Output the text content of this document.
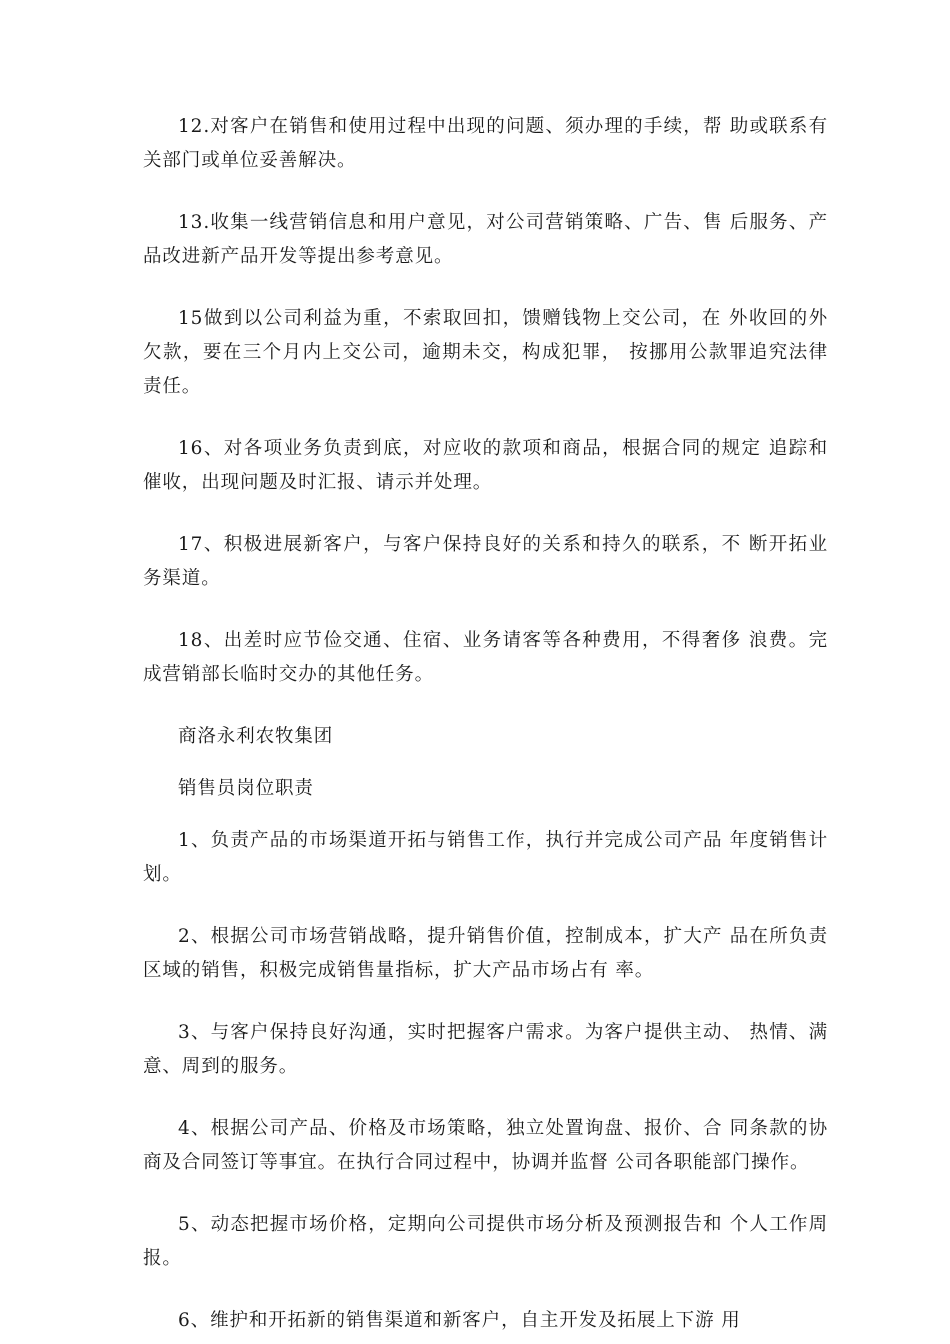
12.对客户在销售和使用过程中出现的问题、须办理的手续，帮 助或联系有关部门或单位妥善解决。

13.收集一线营销信息和用户意见，对公司营销策略、广告、售 后服务、产品改进新产品开发等提出参考意见。

15做到以公司利益为重，不索取回扣，馈赠钱物上交公司，在 外收回的外欠款，要在三个月内上交公司，逾期未交，构成犯罪， 按挪用公款罪追究法律责任。

16、对各项业务负责到底，对应收的款项和商品，根据合同的规定 追踪和催收，出现问题及时汇报、请示并处理。

17、积极进展新客户，与客户保持良好的关系和持久的联系，不 断开拓业务渠道。

18、出差时应节俭交通、住宿、业务请客等各种费用，不得奢侈 浪费。完成营销部长临时交办的其他任务。

商洛永利农牧集团

销售员岗位职责

1、负责产品的市场渠道开拓与销售工作，执行并完成公司产品 年度销售计划。

2、根据公司市场营销战略，提升销售价值，控制成本，扩大产 品在所负责区域的销售，积极完成销售量指标，扩大产品市场占有 率。

3、与客户保持良好沟通，实时把握客户需求。为客户提供主动、 热情、满意、周到的服务。

4、根据公司产品、价格及市场策略，独立处置询盘、报价、合 同条款的协商及合同签订等事宜。在执行合同过程中，协调并监督 公司各职能部门操作。

5、动态把握市场价格，定期向公司提供市场分析及预测报告和 个人工作周报。

6、维护和开拓新的销售渠道和新客户，自主开发及拓展上下游 用
